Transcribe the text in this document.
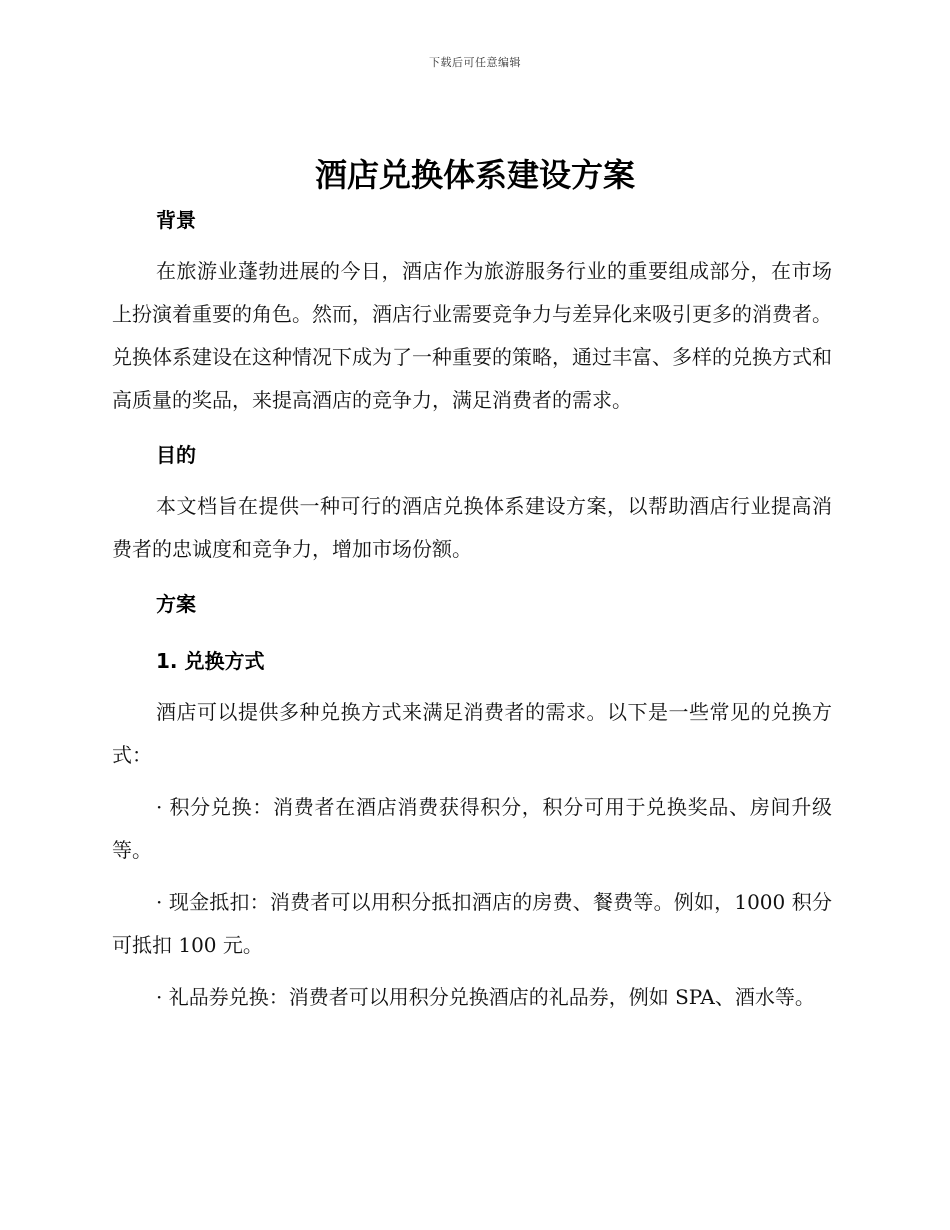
下载后可任意编辑
酒店兑换体系建设方案
背景
在旅游业蓬勃进展的今日，酒店作为旅游服务行业的重要组成部分，在市场上扮演着重要的角色。然而，酒店行业需要竞争力与差异化来吸引更多的消费者。兑换体系建设在这种情况下成为了一种重要的策略，通过丰富、多样的兑换方式和高质量的奖品，来提高酒店的竞争力，满足消费者的需求。
目的
本文档旨在提供一种可行的酒店兑换体系建设方案，以帮助酒店行业提高消费者的忠诚度和竞争力，增加市场份额。
方案
1. 兑换方式
酒店可以提供多种兑换方式来满足消费者的需求。以下是一些常见的兑换方式：
· 积分兑换：消费者在酒店消费获得积分，积分可用于兑换奖品、房间升级等。
· 现金抵扣：消费者可以用积分抵扣酒店的房费、餐费等。例如，1000 积分可抵扣 100 元。
· 礼品券兑换：消费者可以用积分兑换酒店的礼品券，例如 SPA、酒水等。
